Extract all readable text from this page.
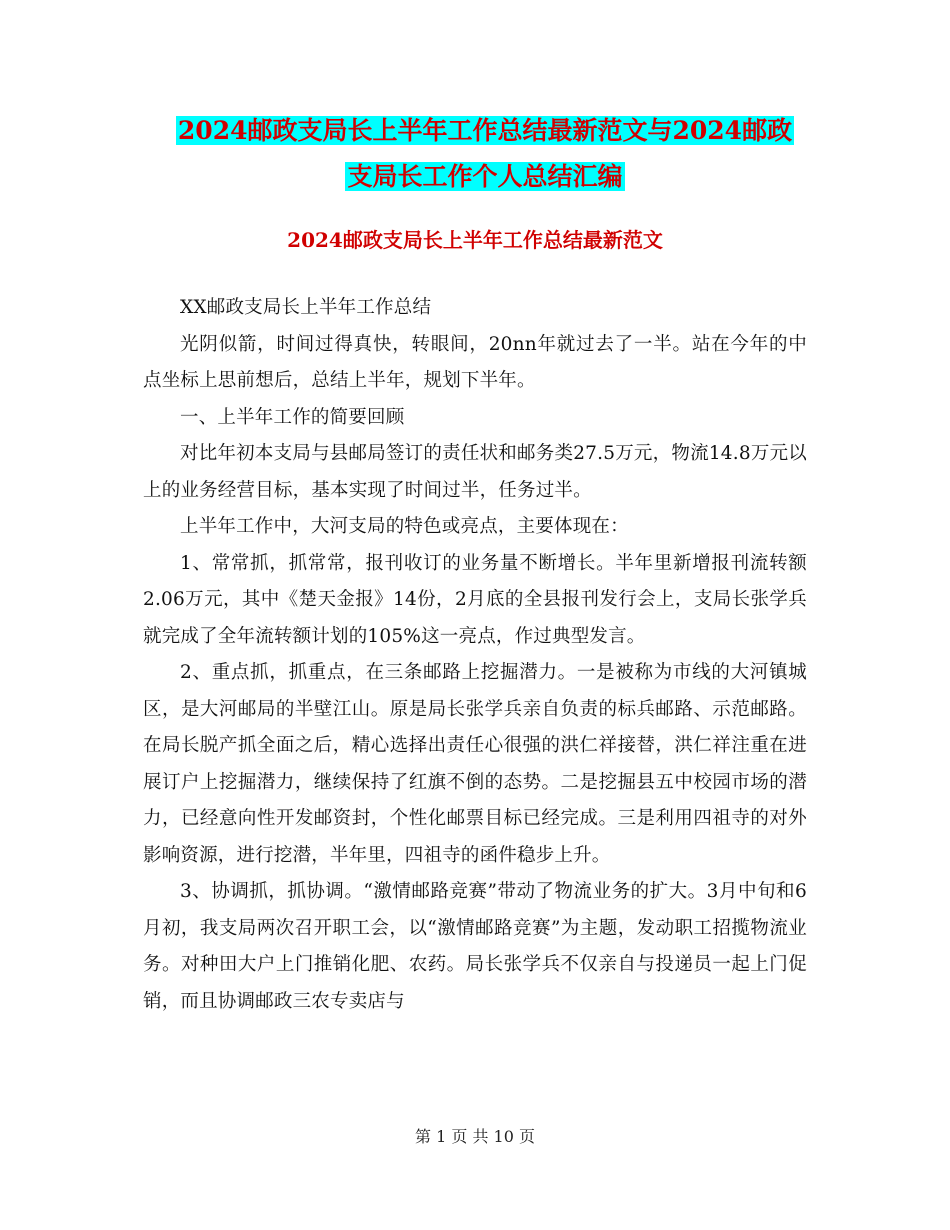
2024邮政支局长上半年工作总结最新范文与2024邮政
支局长工作个人总结汇编
2024邮政支局长上半年工作总结最新范文

XX邮政支局长上半年工作总结

光阴似箭，时间过得真快，转眼间，20nn年就过去了一半。站在今年的中点坐标上思前想后，总结上半年，规划下半年。

一、上半年工作的简要回顾

对比年初本支局与县邮局签订的责任状和邮务类27.5万元，物流14.8万元以上的业务经营目标，基本实现了时间过半，任务过半。

上半年工作中，大河支局的特色或亮点，主要体现在：

1、常常抓，抓常常，报刊收订的业务量不断增长。半年里新增报刊流转额2.06万元，其中《楚天金报》14份，2月底的全县报刊发行会上，支局长张学兵就完成了全年流转额计划的105%这一亮点，作过典型发言。

2、重点抓，抓重点，在三条邮路上挖掘潜力。一是被称为市线的大河镇城区，是大河邮局的半壁江山。原是局长张学兵亲自负责的标兵邮路、示范邮路。在局长脱产抓全面之后，精心选择出责任心很强的洪仁祥接替，洪仁祥注重在进展订户上挖掘潜力，继续保持了红旗不倒的态势。二是挖掘县五中校园市场的潜力，已经意向性开发邮资封，个性化邮票目标已经完成。三是利用四祖寺的对外影响资源，进行挖潜，半年里，四祖寺的函件稳步上升。

3、协调抓，抓协调。“激情邮路竞赛”带动了物流业务的扩大。3月中旬和6月初，我支局两次召开职工会，以“激情邮路竞赛”为主题，发动职工招揽物流业务。对种田大户上门推销化肥、农药。局长张学兵不仅亲自与投递员一起上门促销，而且协调邮政三农专卖店与

第 1 页 共 10 页
